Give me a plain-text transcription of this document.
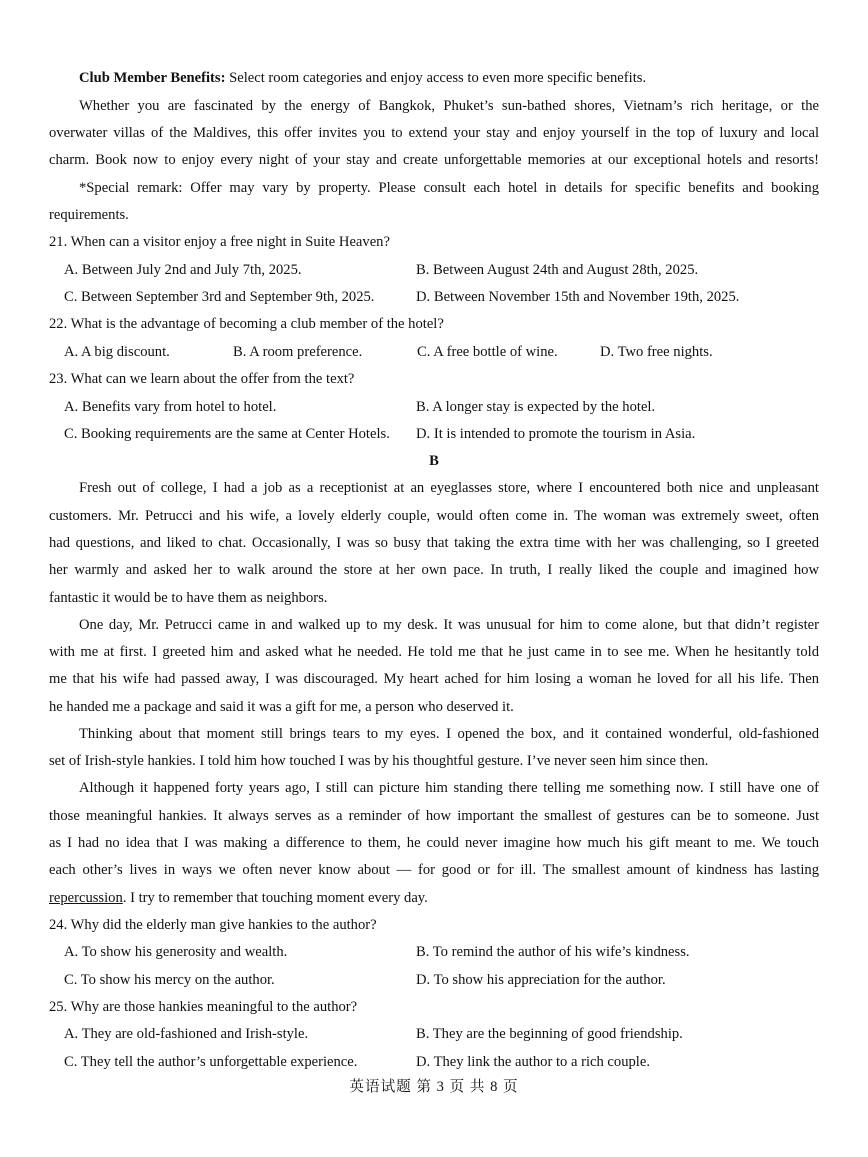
Club Member Benefits: Select room categories and enjoy access to even more specific benefits.
Whether you are fascinated by the energy of Bangkok, Phuket’s sun-bathed shores, Vietnam’s rich heritage, or the
overwater villas of the Maldives, this offer invites you to extend your stay and enjoy yourself in the top of luxury and local
charm. Book now to enjoy every night of your stay and create unforgettable memories at our exceptional hotels and resorts!
*Special remark: Offer may vary by property. Please consult each hotel in details for specific benefits and booking
requirements.
21. When can a visitor enjoy a free night in Suite Heaven?
A. Between July 2nd and July 7th, 2025.	B. Between August 24th and August 28th, 2025.
C. Between September 3rd and September 9th, 2025.	D. Between November 15th and November 19th, 2025.
22. What is the advantage of becoming a club member of the hotel?
A. A big discount.	B. A room preference.	C. A free bottle of wine.	D. Two free nights.
23. What can we learn about the offer from the text?
A. Benefits vary from hotel to hotel.	B. A longer stay is expected by the hotel.
C. Booking requirements are the same at Center Hotels. D. It is intended to promote the tourism in Asia.
B
Fresh out of college, I had a job as a receptionist at an eyeglasses store, where I encountered both nice and unpleasant
customers. Mr. Petrucci and his wife, a lovely elderly couple, would often come in. The woman was extremely sweet, often
had questions, and liked to chat. Occasionally, I was so busy that taking the extra time with her was challenging, so I greeted
her warmly and asked her to walk around the store at her own pace. In truth, I really liked the couple and imagined how
fantastic it would be to have them as neighbors.
One day, Mr. Petrucci came in and walked up to my desk. It was unusual for him to come alone, but that didn’t register
with me at first. I greeted him and asked what he needed. He told me that he just came in to see me. When he hesitantly told
me that his wife had passed away, I was discouraged. My heart ached for him losing a woman he loved for all his life. Then
he handed me a package and said it was a gift for me, a person who deserved it.
Thinking about that moment still brings tears to my eyes. I opened the box, and it contained wonderful, old-fashioned
set of Irish-style hankies. I told him how touched I was by his thoughtful gesture. I’ve never seen him since then.
Although it happened forty years ago, I still can picture him standing there telling me something now. I still have one of
those meaningful hankies. It always serves as a reminder of how important the smallest of gestures can be to someone. Just
as I had no idea that I was making a difference to them, he could never imagine how much his gift meant to me. We touch
each other’s lives in ways we often never know about — for good or for ill. The smallest amount of kindness has lasting
repercussion. I try to remember that touching moment every day.
24. Why did the elderly man give hankies to the author?
A. To show his generosity and wealth.	B. To remind the author of his wife’s kindness.
C. To show his mercy on the author.	D. To show his appreciation for the author.
25. Why are those hankies meaningful to the author?
A. They are old-fashioned and Irish-style.	B. They are the beginning of good friendship.
C. They tell the author’s unforgettable experience.	D. They link the author to a rich couple.
英语试题 第 3 页 共 8 页
